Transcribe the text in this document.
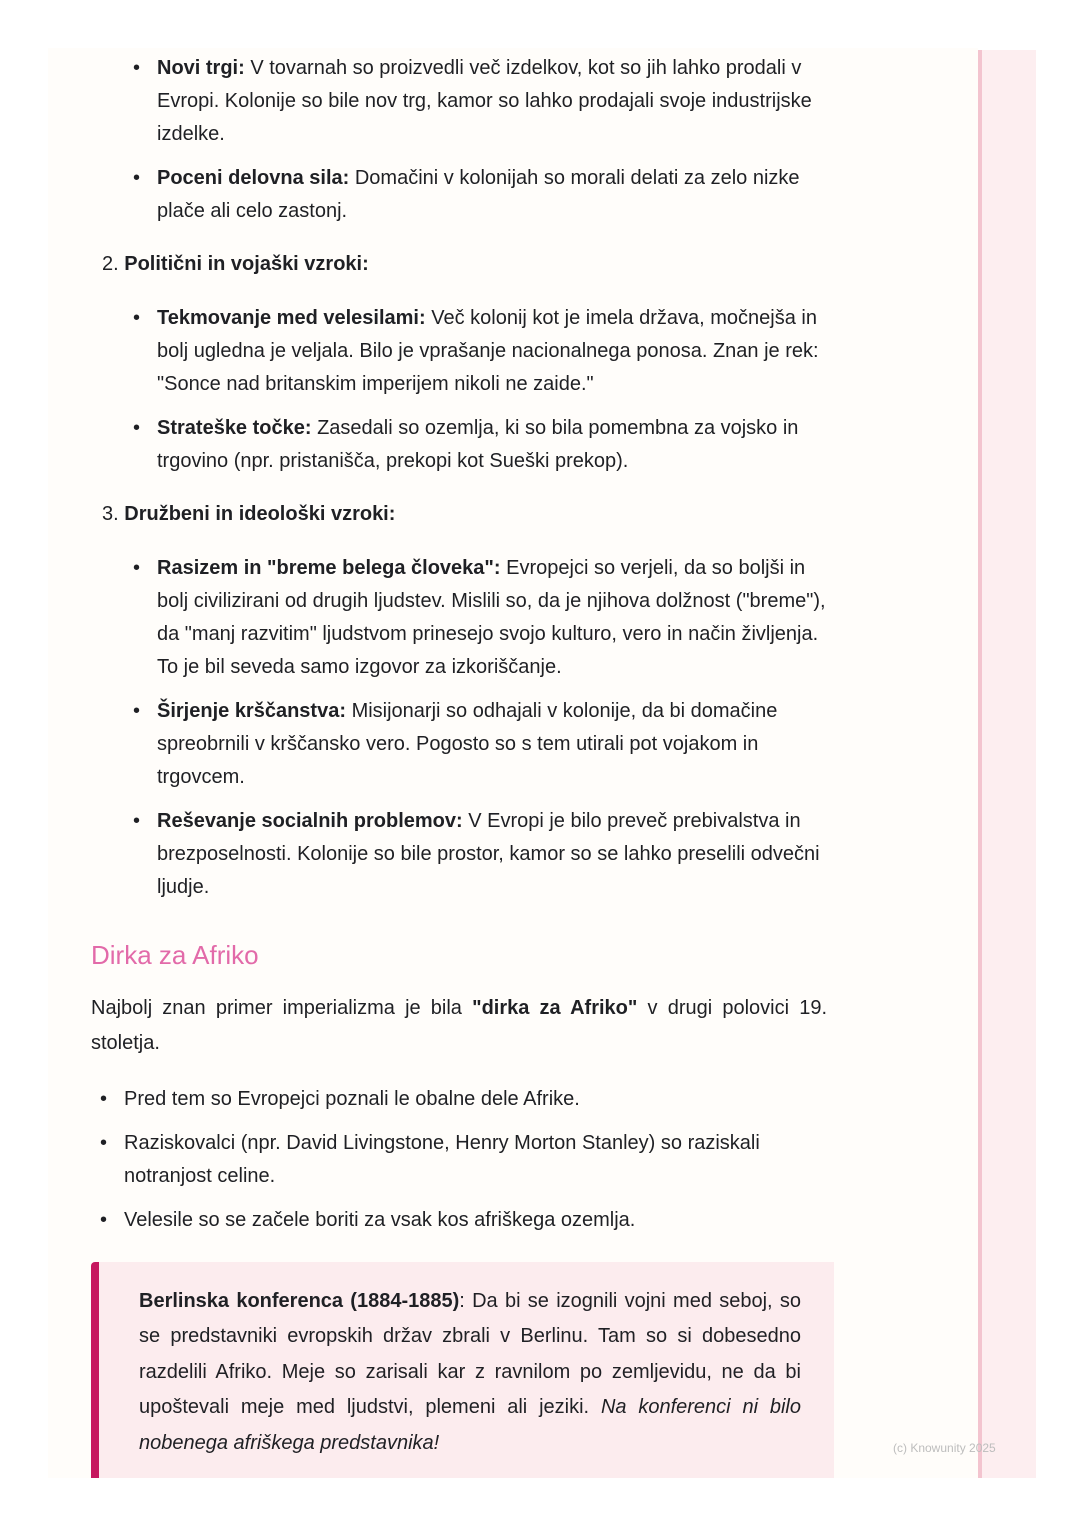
• Novi trgi: V tovarnah so proizvedli več izdelkov, kot so jih lahko prodali v Evropi. Kolonije so bile nov trg, kamor so lahko prodajali svoje industrijske izdelke.
• Poceni delovna sila: Domačini v kolonijah so morali delati za zelo nizke plače ali celo zastonj.
2. Politični in vojaški vzroki:
• Tekmovanje med velesilami: Več kolonij kot je imela država, močnejša in bolj ugledna je veljala. Bilo je vprašanje nacionalnega ponosa. Znan je rek: "Sonce nad britanskim imperijem nikoli ne zaide."
• Strateške točke: Zasedali so ozemlja, ki so bila pomembna za vojsko in trgovino (npr. pristanišča, prekopi kot Sueški prekop).
3. Družbeni in ideološki vzroki:
• Rasizem in "breme belega človeka": Evropejci so verjeli, da so boljši in bolj civilizirani od drugih ljudstev. Mislili so, da je njihova dolžnost ("breme"), da "manj razvitim" ljudstvom prinesejo svojo kulturo, vero in način življenja. To je bil seveda samo izgovor za izkoriščanje.
• Širjenje krščanstva: Misijonarji so odhajali v kolonije, da bi domačine spreobrnili v krščansko vero. Pogosto so s tem utirali pot vojakom in trgovcem.
• Reševanje socialnih problemov: V Evropi je bilo preveč prebivalstva in brezposelnosti. Kolonije so bile prostor, kamor so se lahko preselili odvečni ljudje.
Dirka za Afriko
Najbolj znan primer imperializma je bila "dirka za Afriko" v drugi polovici 19. stoletja.
• Pred tem so Evropejci poznali le obalne dele Afrike.
• Raziskovalci (npr. David Livingstone, Henry Morton Stanley) so raziskali notranjost celine.
• Velesile so se začele boriti za vsak kos afriškega ozemlja.
Berlinska konferenca (1884-1885): Da bi se izognili vojni med seboj, so se predstavniki evropskih držav zbrali v Berlinu. Tam so si dobesedno razdelili Afriko. Meje so zarisali kar z ravnilom po zemljevidu, ne da bi upoštevali meje med ljudstvi, plemeni ali jeziki. Na konferenci ni bilo nobenega afriškega predstavnika!	(c) Knowunity 2025
